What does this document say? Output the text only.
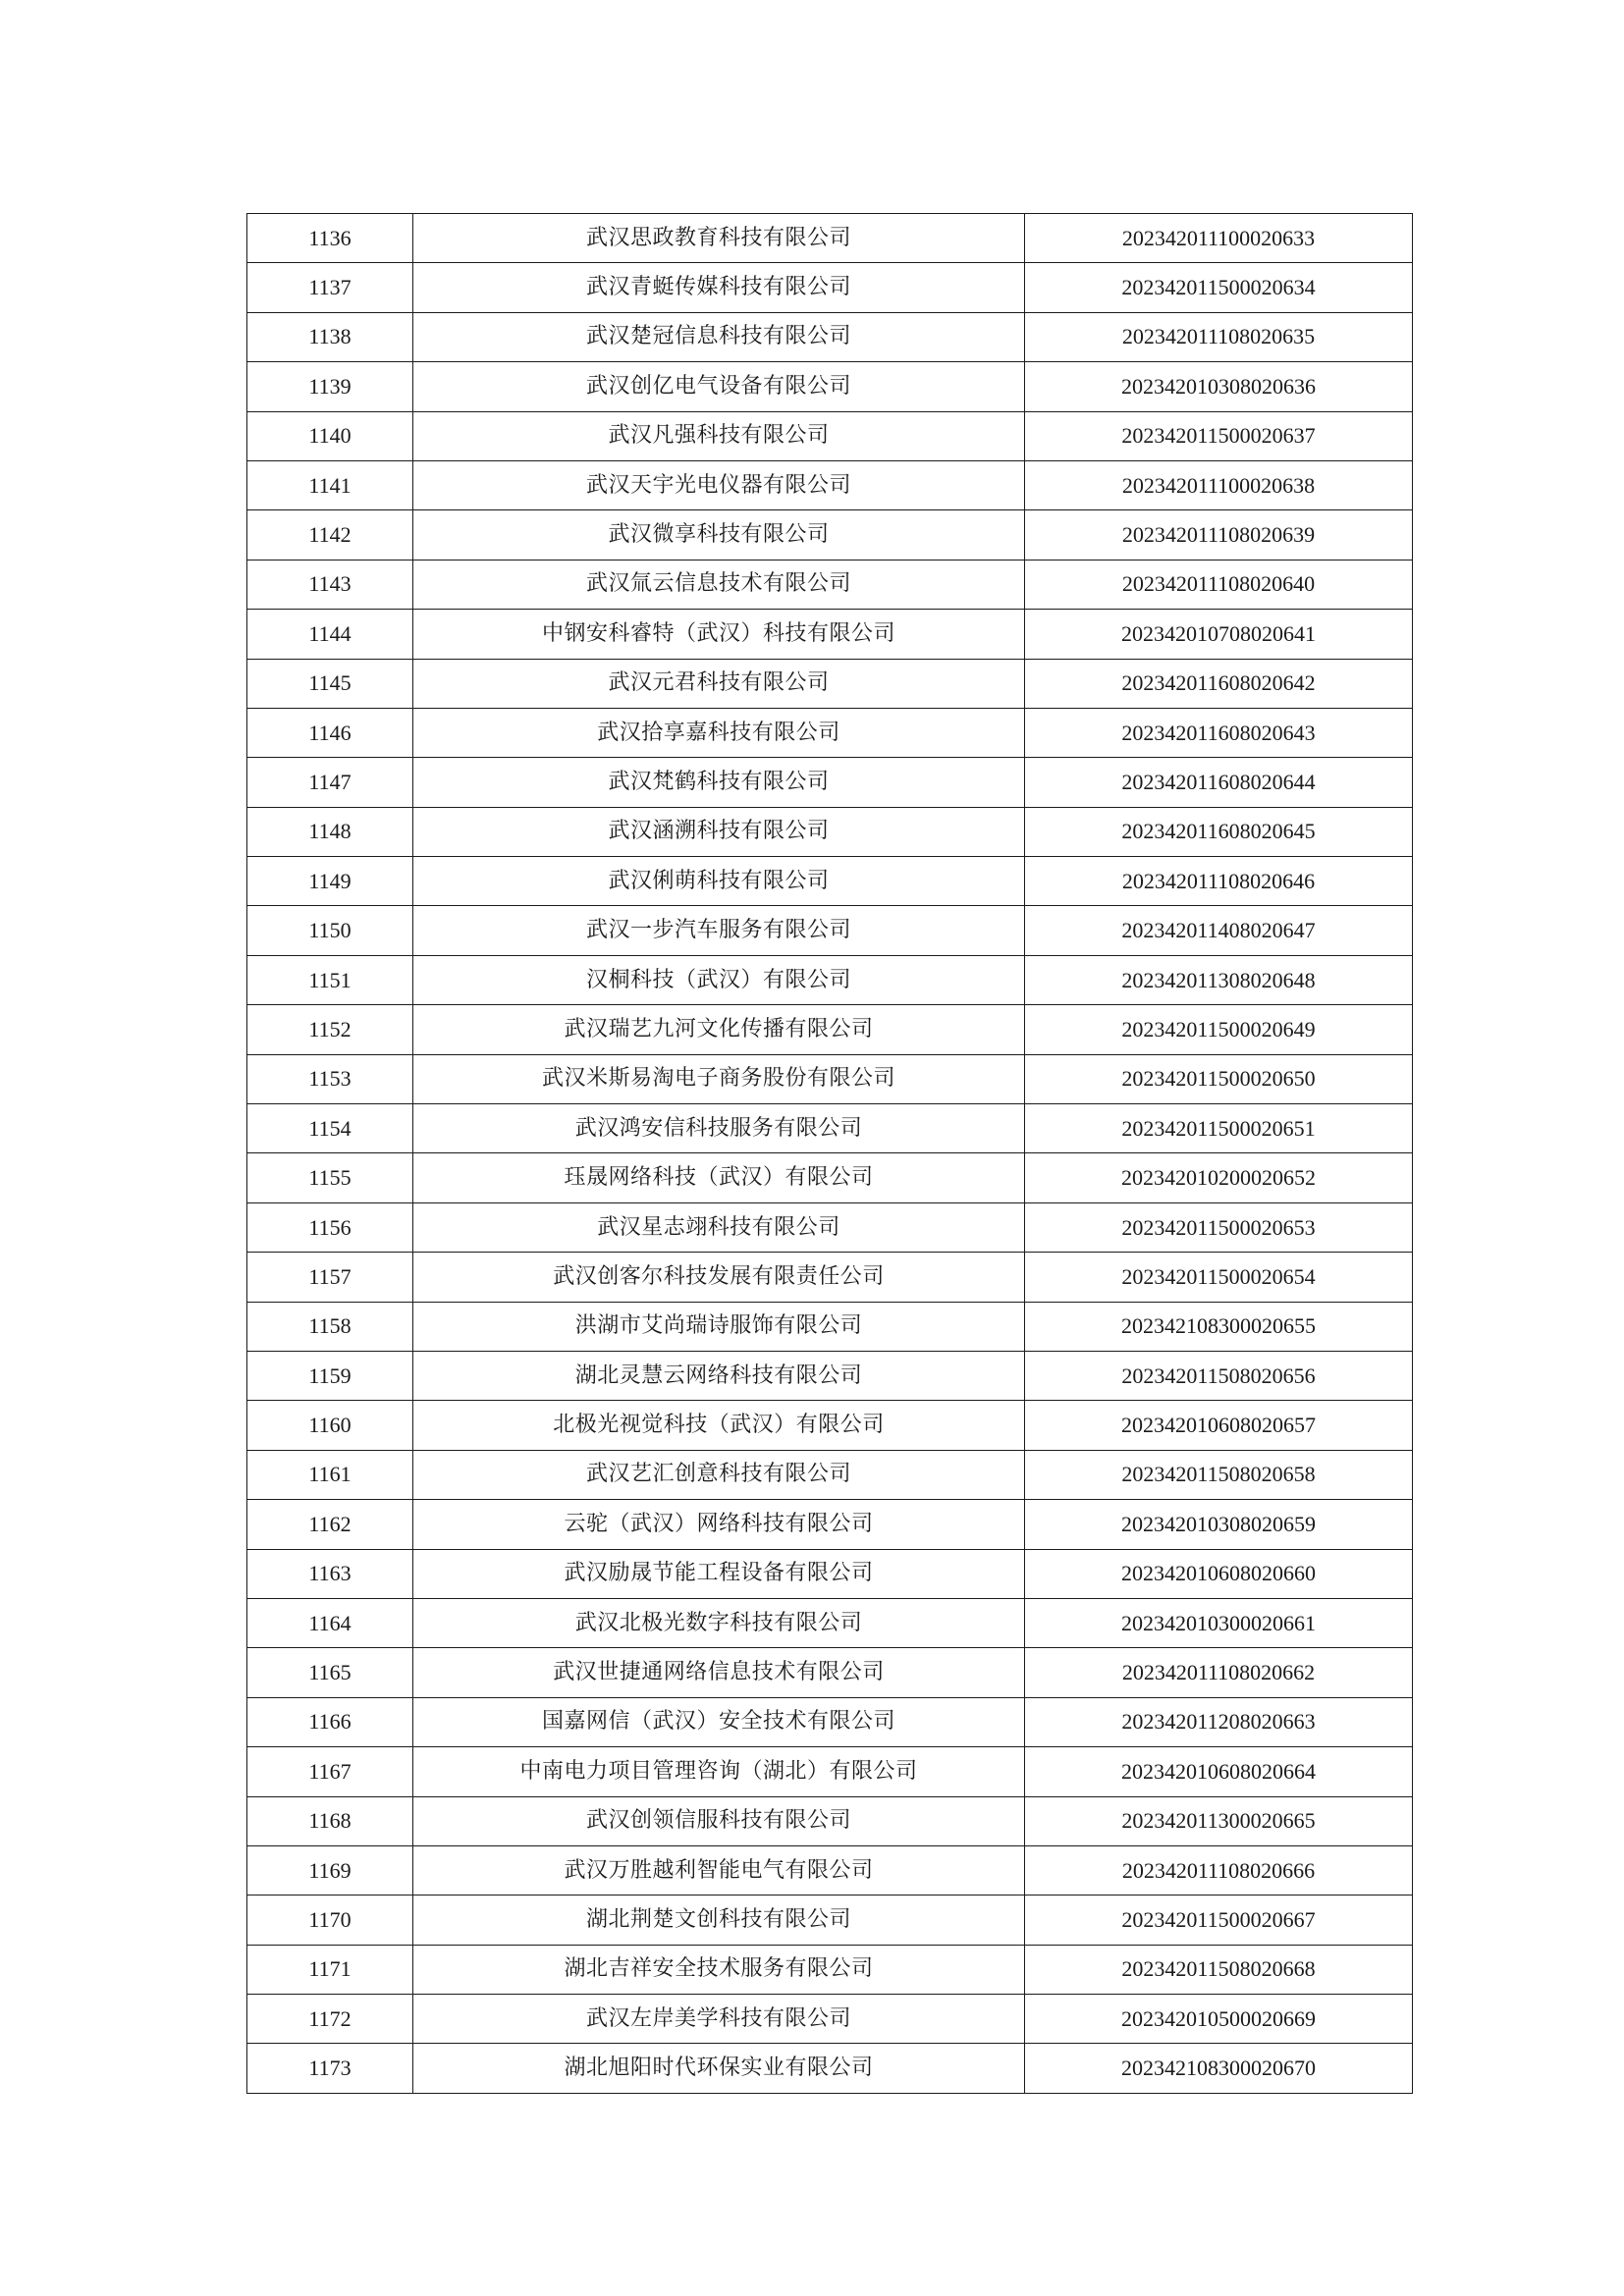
1136	武汉思政教育科技有限公司	202342011100020633
1137	武汉青蜓传媒科技有限公司	202342011500020634
1138	武汉楚冠信息科技有限公司	202342011108020635
1139	武汉创亿电气设备有限公司	202342010308020636
1140	武汉凡强科技有限公司	202342011500020637
1141	武汉天宇光电仪器有限公司	202342011100020638
1142	武汉微享科技有限公司	202342011108020639
1143	武汉氚云信息技术有限公司	202342011108020640
1144	中钢安科睿特（武汉）科技有限公司	202342010708020641
1145	武汉元君科技有限公司	202342011608020642
1146	武汉拾享嘉科技有限公司	202342011608020643
1147	武汉梵鹤科技有限公司	202342011608020644
1148	武汉涵溯科技有限公司	202342011608020645
1149	武汉俐萌科技有限公司	202342011108020646
1150	武汉一步汽车服务有限公司	202342011408020647
1151	汉桐科技（武汉）有限公司	202342011308020648
1152	武汉瑞艺九河文化传播有限公司	202342011500020649
1153	武汉米斯易淘电子商务股份有限公司	202342011500020650
1154	武汉鸿安信科技服务有限公司	202342011500020651
1155	珏晟网络科技（武汉）有限公司	202342010200020652
1156	武汉星志翊科技有限公司	202342011500020653
1157	武汉创客尔科技发展有限责任公司	202342011500020654
1158	洪湖市艾尚瑞诗服饰有限公司	202342108300020655
1159	湖北灵慧云网络科技有限公司	202342011508020656
1160	北极光视觉科技（武汉）有限公司	202342010608020657
1161	武汉艺汇创意科技有限公司	202342011508020658
1162	云驼（武汉）网络科技有限公司	202342010308020659
1163	武汉励晟节能工程设备有限公司	202342010608020660
1164	武汉北极光数字科技有限公司	202342010300020661
1165	武汉世捷通网络信息技术有限公司	202342011108020662
1166	国嘉网信（武汉）安全技术有限公司	202342011208020663
1167	中南电力项目管理咨询（湖北）有限公司	202342010608020664
1168	武汉创领信服科技有限公司	202342011300020665
1169	武汉万胜越利智能电气有限公司	202342011108020666
1170	湖北荆楚文创科技有限公司	202342011500020667
1171	湖北吉祥安全技术服务有限公司	202342011508020668
1172	武汉左岸美学科技有限公司	202342010500020669
1173	湖北旭阳时代环保实业有限公司	202342108300020670
